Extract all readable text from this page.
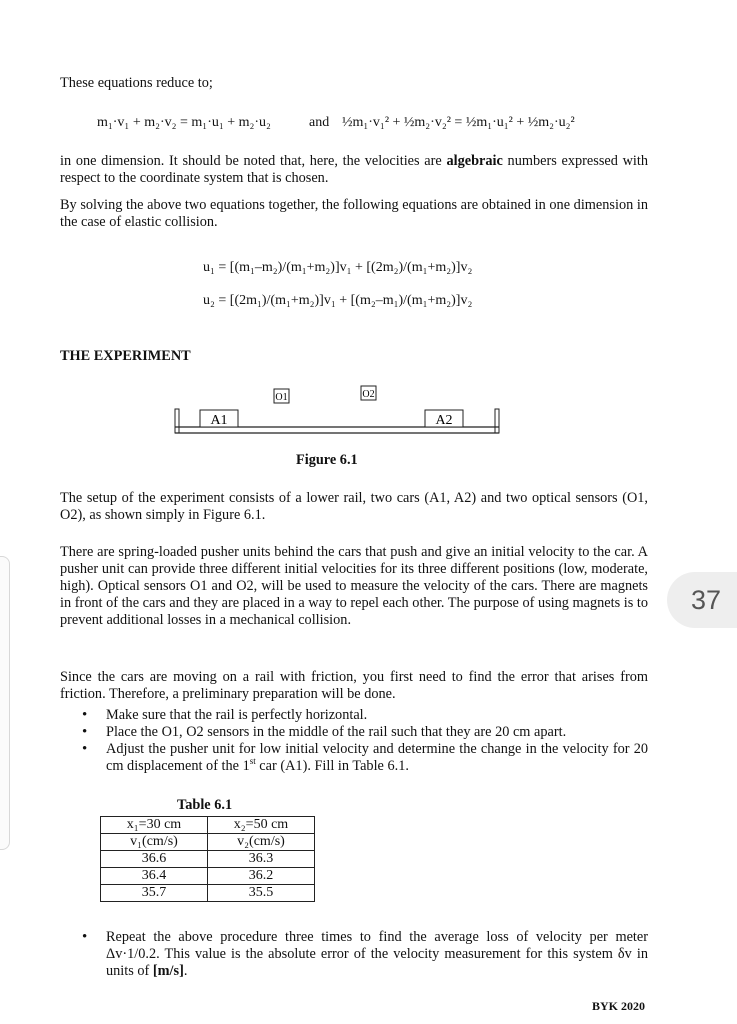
37

These equations reduce to;

m₁·v₁ + m₂·v₂ = m₁·u₁ + m₂·u₂	and ½m₁·v₁² + ½m₂·v₂² = ½m₁·u₁² + ½m₂·u₂²

in one dimension. It should be noted that, here, the velocities are algebraic numbers expressed with respect to the coordinate system that is chosen.

By solving the above two equations together, the following equations are obtained in one dimension in the case of elastic collision.

u₁ = [(m₁–m₂)/(m₁+m₂)]v₁ + [(2m₂)/(m₁+m₂)]v₂
u₂ = [(2m₁)/(m₁+m₂)]v₁ + [(m₂–m₁)/(m₁+m₂)]v₂

THE EXPERIMENT

A1	A2
O1	O2

Figure 6.1

The setup of the experiment consists of a lower rail, two cars (A1, A2) and two optical sensors (O1, O2), as shown simply in Figure 6.1.

There are spring-loaded pusher units behind the cars that push and give an initial velocity to the car. A pusher unit can provide three different initial velocities for its three different positions (low, moderate, high). Optical sensors O1 and O2, will be used to measure the velocity of the cars. There are magnets in front of the cars and they are placed in a way to repel each other. The purpose of using magnets is to prevent additional losses in a mechanical collision.

Since the cars are moving on a rail with friction, you first need to find the error that arises from friction. Therefore, a preliminary preparation will be done.

• Make sure that the rail is perfectly horizontal.
• Place the O1, O2 sensors in the middle of the rail such that they are 20 cm apart.
• Adjust the pusher unit for low initial velocity and determine the change in the velocity for 20 cm displacement of the 1st car (A1). Fill in Table 6.1.

Table 6.1

x₁=30 cm	x₂=50 cm
v₁(cm/s)	v₂(cm/s)
36.6	36.3
36.4	36.2
35.7	35.5
• Repeat the above procedure three times to find the average loss of velocity per meter Δv·1/0.2. This value is the absolute error of the velocity measurement for this system δv in units of [m/s].

BYK 2020
